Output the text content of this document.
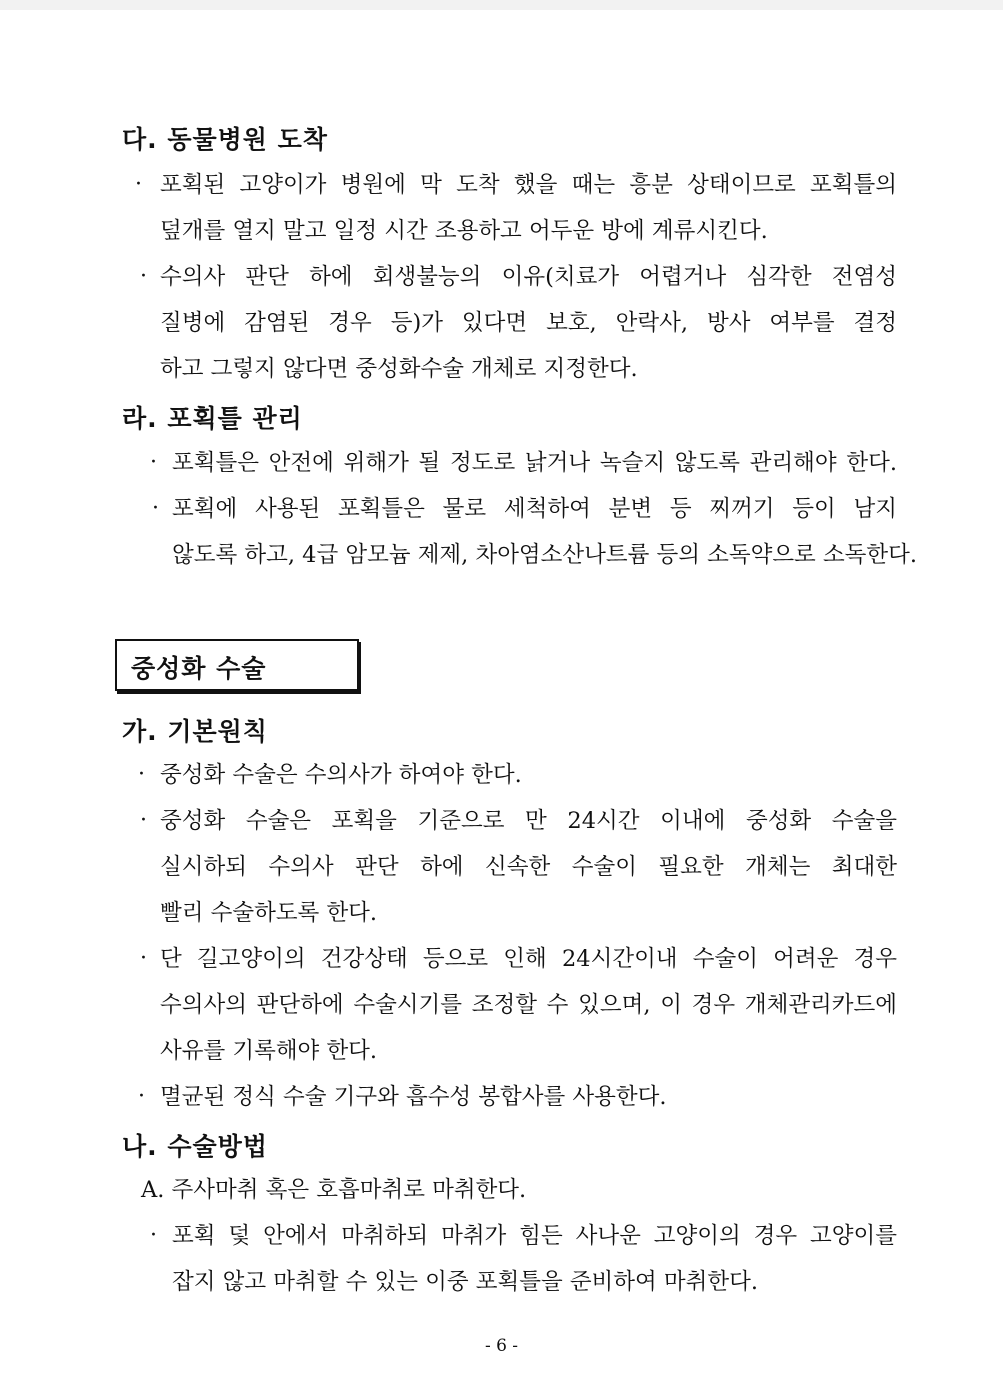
다. 동물병원 도착
· 포획된 고양이가 병원에 막 도착 했을 때는 흥분 상태이므로 포획틀의
덮개를 열지 말고 일정 시간 조용하고 어두운 방에 계류시킨다.
· 수의사 판단 하에 회생불능의 이유(치료가 어렵거나 심각한 전염성
질병에 감염된 경우 등)가 있다면 보호, 안락사, 방사 여부를 결정
하고 그렇지 않다면 중성화수술 개체로 지정한다.
라. 포획틀 관리
· 포획틀은 안전에 위해가 될 정도로 낡거나 녹슬지 않도록 관리해야 한다.
· 포획에 사용된 포획틀은 물로 세척하여 분변 등 찌꺼기 등이 남지
않도록 하고, 4급 암모늄 제제, 차아염소산나트륨 등의 소독약으로 소독한다.
중성화 수술
가. 기본원칙
· 중성화 수술은 수의사가 하여야 한다.
· 중성화 수술은 포획을 기준으로 만 24시간 이내에 중성화 수술을
실시하되 수의사 판단 하에 신속한 수술이 필요한 개체는 최대한
빨리 수술하도록 한다.
· 단 길고양이의 건강상태 등으로 인해 24시간이내 수술이 어려운 경우
수의사의 판단하에 수술시기를 조정할 수 있으며, 이 경우 개체관리카드에
사유를 기록해야 한다.
· 멸균된 정식 수술 기구와 흡수성 봉합사를 사용한다.
나. 수술방법
A. 주사마취 혹은 호흡마취로 마취한다.
· 포획 덫 안에서 마취하되 마취가 힘든 사나운 고양이의 경우 고양이를
잡지 않고 마취할 수 있는 이중 포획틀을 준비하여 마취한다.
- 6 -
